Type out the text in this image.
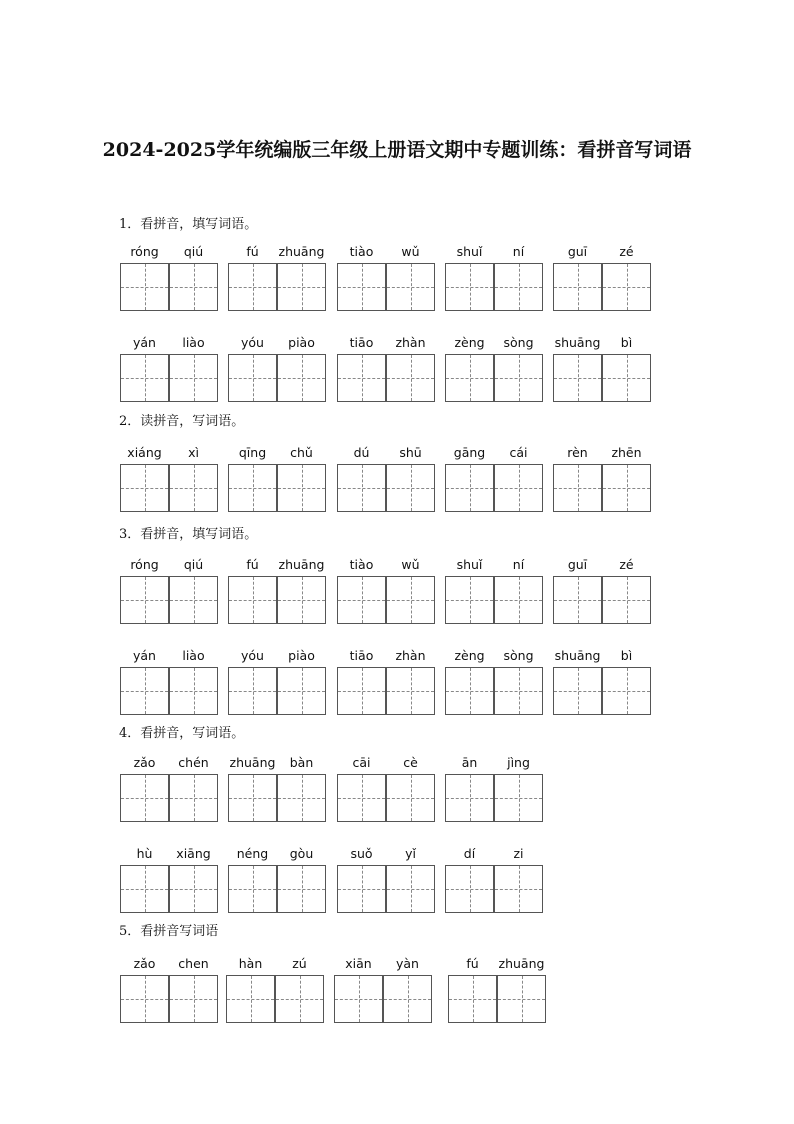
2024-2025学年统编版三年级上册语文期中专题训练：看拼音写词语
1．看拼音，填写词语。
róng	qiú	fú	zhuāng	tiào	wǔ	shuǐ	ní	guī	zé
yán	liào	yóu	piào	tiāo	zhàn	zèng	sòng	shuāng	bì
2．读拼音，写词语。
xiáng	xì	qīng	chǔ	dú	shū	gāng	cái	rèn	zhēn
3．看拼音，填写词语。
róng	qiú	fú	zhuāng	tiào	wǔ	shuǐ	ní	guī	zé
yán	liào	yóu	piào	tiāo	zhàn	zèng	sòng	shuāng	bì
4．看拼音，写词语。
zǎo	chén	zhuāng	bàn	cāi	cè	ān	jìng
hù	xiāng	néng	gòu	suǒ	yǐ	dí	zi
5．看拼音写词语
zǎo	chen	hàn	zú	xiān	yàn	fú	zhuāng
